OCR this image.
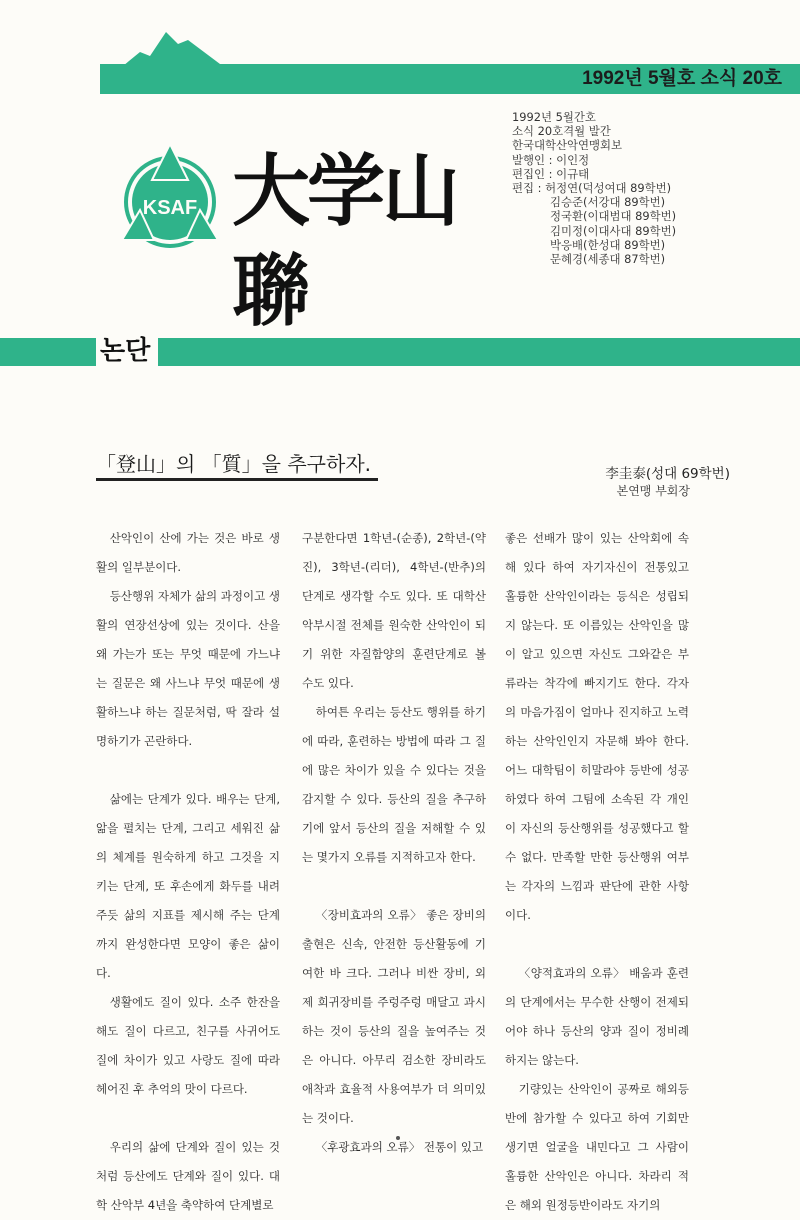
1992년 5월호 소식 20호
KSAF 大学山聯
1992년 5월간호
소식 20호격월 발간
한국대학산악연맹회보
발행인 : 이인정
편집인 : 이규태
편집 : 허정연(덕성여대 89학번)
김승준(서강대 89학번)
정국환(이대범대 89학번)
김미정(이대사대 89학번)
박응배(한성대 89학번)
문혜경(세종대 87학번)
논단
「登山」의 「質」을 추구하자.	李圭泰(성대 69학번)
본연맹 부회장

산악인이 산에 가는 것은 바로 생활의 일부분이다.

등산행위 자체가 삶의 과정이고 생활의 연장선상에 있는 것이다. 산을 왜 가는가 또는 무엇 때문에 가느냐는 질문은 왜 사느냐 무엇 때문에 생활하느냐 하는 질문처럼, 딱 잘라 설명하기가 곤란하다.

삶에는 단계가 있다. 배우는 단계, 앎을 펼치는 단계, 그리고 세워진 삶의 체계를 원숙하게 하고 그것을 지키는 단계, 또 후손에게 화두를 내려주듯 삶의 지표를 제시해 주는 단계까지 완성한다면 모양이 좋은 삶이다.

생활에도 질이 있다. 소주 한잔을 해도 질이 다르고, 친구를 사귀어도 질에 차이가 있고 사랑도 질에 따라 헤어진 후 추억의 맛이 다르다.

우리의 삶에 단계와 질이 있는 것처럼 등산에도 단계와 질이 있다. 대학 산악부 4년을 축약하여 단계별로

구분한다면 1학년-(순종), 2학년-(약진), 3학년-(리더), 4학년-(반추)의 단계로 생각할 수도 있다. 또 대학산악부시절 전체를 원숙한 산악인이 되기 위한 자질함양의 훈련단계로 볼 수도 있다.

하여튼 우리는 등산도 행위를 하기에 따라, 훈련하는 방법에 따라 그 질에 많은 차이가 있을 수 있다는 것을 감지할 수 있다. 등산의 질을 추구하기에 앞서 등산의 질을 저해할 수 있는 몇가지 오류를 지적하고자 한다.

〈장비효과의 오류〉 좋은 장비의 출현은 신속, 안전한 등산활동에 기여한 바 크다. 그러나 비싼 장비, 외제 희귀장비를 주렁주렁 매달고 과시하는 것이 등산의 질을 높여주는 것은 아니다. 아무리 검소한 장비라도 애착과 효율적 사용여부가 더 의미있는 것이다.

〈후광효과의 오류〉 전통이 있고

좋은 선배가 많이 있는 산악회에 속해 있다 하여 자기자신이 전통있고 훌륭한 산악인이라는 등식은 성립되지 않는다. 또 이름있는 산악인을 많이 알고 있으면 자신도 그와같은 부류라는 착각에 빠지기도 한다. 각자의 마음가짐이 얼마나 진지하고 노력하는 산악인인지 자문해 봐야 한다. 어느 대학팀이 히말라야 등반에 성공하였다 하여 그팀에 소속된 각 개인이 자신의 등산행위를 성공했다고 할 수 없다. 만족할 만한 등산행위 여부는 각자의 느낌과 판단에 관한 사항이다.

〈양적효과의 오류〉 배움과 훈련의 단계에서는 무수한 산행이 전제되어야 하나 등산의 양과 질이 정비례하지는 않는다.

기량있는 산악인이 공짜로 해외등반에 참가할 수 있다고 하여 기회만 생기면 얼굴을 내민다고 그 사람이 훌륭한 산악인은 아니다. 차라리 적은 해외 원정등반이라도 자기의
